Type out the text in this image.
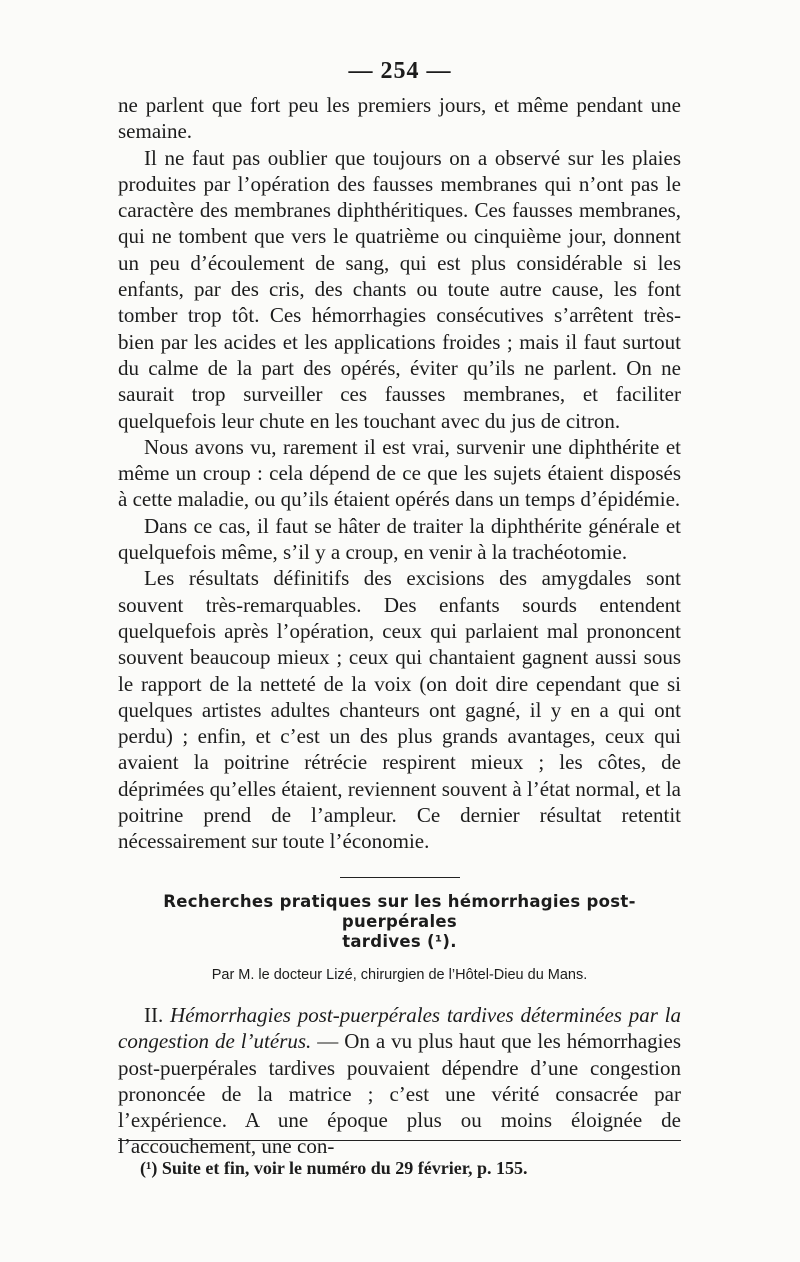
— 254 —

ne parlent que fort peu les premiers jours, et même pendant une semaine.

Il ne faut pas oublier que toujours on a observé sur les plaies produites par l’opération des fausses membranes qui n’ont pas le caractère des membranes diphthéritiques. Ces fausses membranes, qui ne tombent que vers le quatrième ou cinquième jour, donnent un peu d’écoulement de sang, qui est plus considérable si les enfants, par des cris, des chants ou toute autre cause, les font tomber trop tôt. Ces hémorrhagies consécutives s’arrêtent très-bien par les acides et les applications froides ; mais il faut surtout du calme de la part des opérés, éviter qu’ils ne parlent. On ne saurait trop surveiller ces fausses membranes, et faciliter quelquefois leur chute en les touchant avec du jus de citron.

Nous avons vu, rarement il est vrai, survenir une diphthérite et même un croup : cela dépend de ce que les sujets étaient disposés à cette maladie, ou qu’ils étaient opérés dans un temps d’épidémie.

Dans ce cas, il faut se hâter de traiter la diphthérite générale et quelquefois même, s’il y a croup, en venir à la trachéotomie.

Les résultats définitifs des excisions des amygdales sont souvent très-remarquables. Des enfants sourds entendent quelquefois après l’opération, ceux qui parlaient mal prononcent souvent beaucoup mieux ; ceux qui chantaient gagnent aussi sous le rapport de la netteté de la voix (on doit dire cependant que si quelques artistes adultes chanteurs ont gagné, il y en a qui ont perdu) ; enfin, et c’est un des plus grands avantages, ceux qui avaient la poitrine rétrécie respirent mieux ; les côtes, de déprimées qu’elles étaient, reviennent souvent à l’état normal, et la poitrine prend de l’ampleur. Ce dernier résultat retentit nécessairement sur toute l’économie.

Recherches pratiques sur les hémorrhagies post-puerpérales
tardives (¹).
Par M. le docteur Lizé, chirurgien de l’Hôtel-Dieu du Mans.

II. Hémorrhagies post-puerpérales tardives déterminées par la congestion de l’utérus. — On a vu plus haut que les hémorrhagies post-puerpérales tardives pouvaient dépendre d’une congestion prononcée de la matrice ; c’est une vérité consacrée par l’expérience. A une époque plus ou moins éloignée de l’accouchement, une con-

(¹) Suite et fin, voir le numéro du 29 février, p. 155.
